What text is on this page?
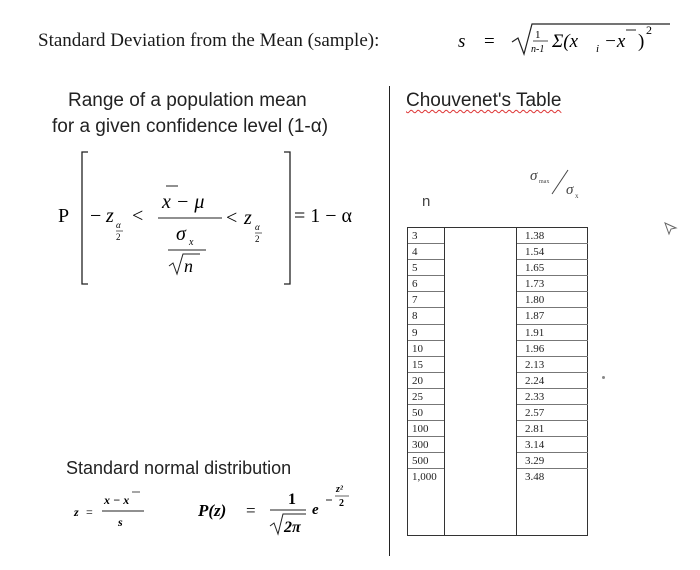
Standard Deviation from the Mean (sample):	s =	1
n-1 Σ(x i −x )
2
Range of a population mean
for a given confidence level (1-α)
Chouvenet's Table
P − z α
2
<
x − μ
σ x
n
< z α
2
= 1 − α
n
σ max σ x
3
4
5
6
7
8
9
10
15
20
25
50
100
300
500
1,000
1.38
1.54
1.65
1.73
1.80
1.87
1.91
1.96
2.13
2.24
2.33
2.57
2.81
3.14
3.29
3.48
Standard normal distribution
z =
x − x
s
P(z) =
1
2π
e
z²
2
